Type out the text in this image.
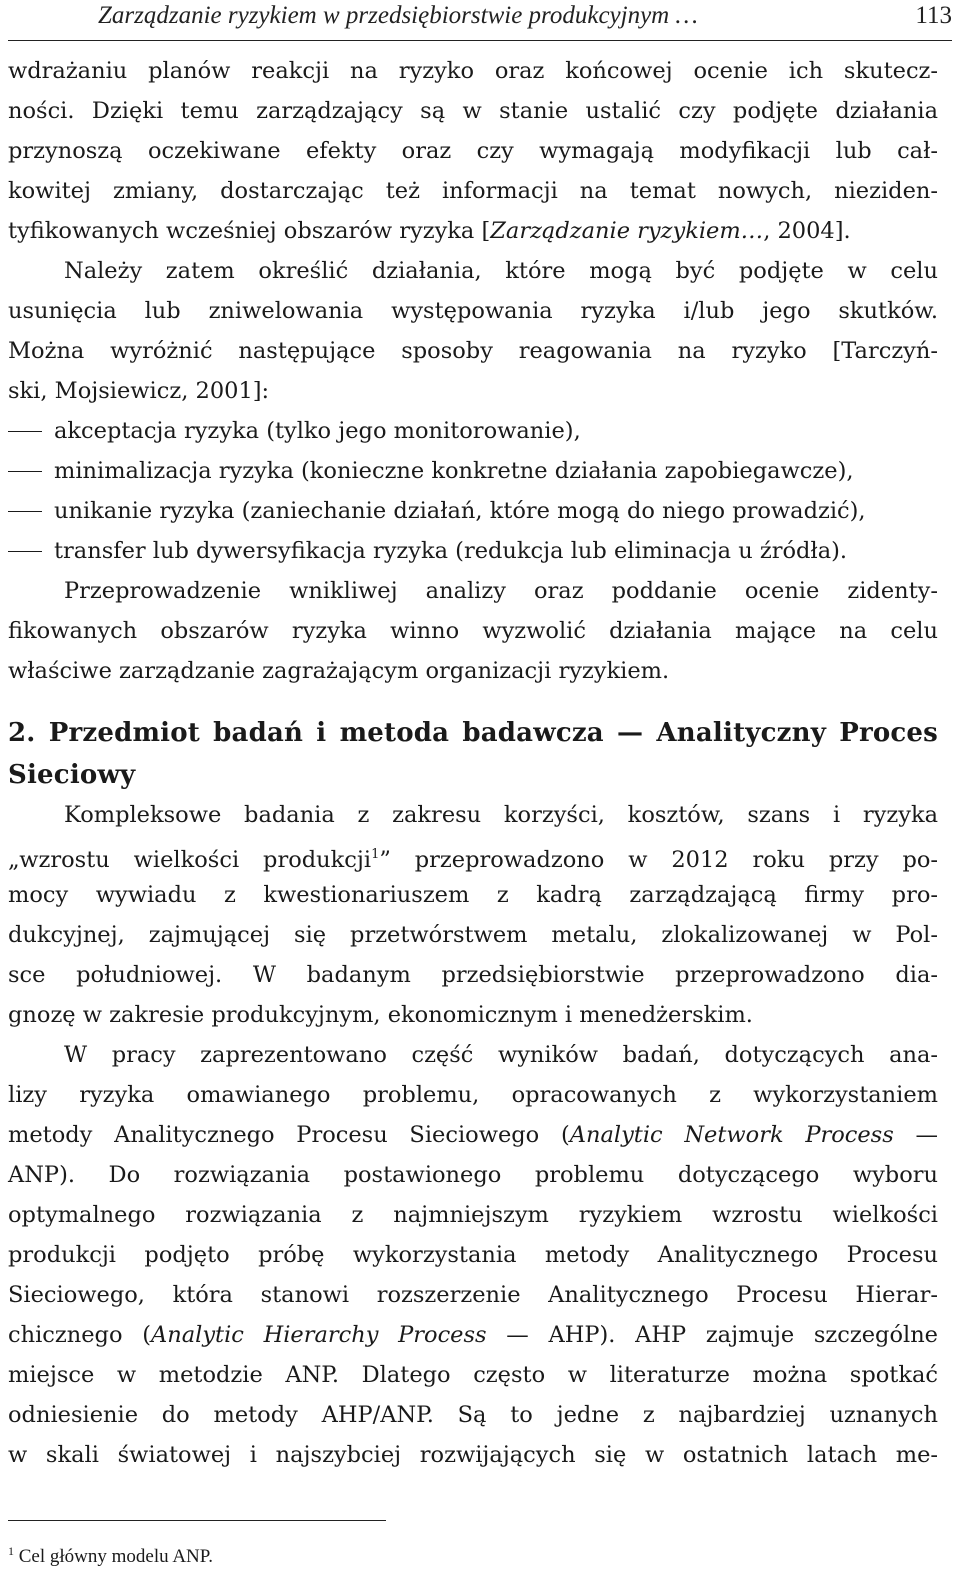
Zarządzanie ryzykiem w przedsiębiorstwie produkcyjnym …	113
wdrażaniu planów reakcji na ryzyko oraz końcowej ocenie ich skutecz-
ności. Dzięki temu zarządzający są w stanie ustalić czy podjęte działania
przynoszą oczekiwane efekty oraz czy wymagają modyfikacji lub cał-
kowitej zmiany, dostarczając też informacji na temat nowych, nieziden-
tyfikowanych wcześniej obszarów ryzyka [Zarządzanie ryzykiem…, 2004].
Należy zatem określić działania, które mogą być podjęte w celu
usunięcia lub zniwelowania występowania ryzyka i/lub jego skutków.
Można wyróżnić następujące sposoby reagowania na ryzyko [Tarczyń-
ski, Mojsiewicz, 2001]:
akceptacja ryzyka (tylko jego monitorowanie),
minimalizacja ryzyka (konieczne konkretne działania zapobiegawcze),
unikanie ryzyka (zaniechanie działań, które mogą do niego prowadzić),
transfer lub dywersyfikacja ryzyka (redukcja lub eliminacja u źródła).
Przeprowadzenie wnikliwej analizy oraz poddanie ocenie zidenty-
fikowanych obszarów ryzyka winno wyzwolić działania mające na celu
właściwe zarządzanie zagrażającym organizacji ryzykiem.
2. Przedmiot badań i metoda badawcza — Analityczny Proces
Sieciowy
Kompleksowe badania z zakresu korzyści, kosztów, szans i ryzyka
„wzrostu wielkości produkcji$^1$” przeprowadzono w 2012 roku przy po-
mocy wywiadu z kwestionariuszem z kadrą zarządzającą firmy pro-
dukcyjnej, zajmującej się przetwórstwem metalu, zlokalizowanej w Pol-
sce południowej. W badanym przedsiębiorstwie przeprowadzono dia-
gnozę w zakresie produkcyjnym, ekonomicznym i menedżerskim.
W pracy zaprezentowano część wyników badań, dotyczących ana-
lizy ryzyka omawianego problemu, opracowanych z wykorzystaniem
metody Analitycznego Procesu Sieciowego (Analytic Network Process —
ANP). Do rozwiązania postawionego problemu dotyczącego wyboru
optymalnego rozwiązania z najmniejszym ryzykiem wzrostu wielkości
produkcji podjęto próbę wykorzystania metody Analitycznego Procesu
Sieciowego, która stanowi rozszerzenie Analitycznego Procesu Hierar-
chicznego (Analytic Hierarchy Process — AHP). AHP zajmuje szczególne
miejsce w metodzie ANP. Dlatego często w literaturze można spotkać
odniesienie do metody AHP/ANP. Są to jedne z najbardziej uznanych
w skali światowej i najszybciej rozwijających się w ostatnich latach me-
$^1$ Cel główny modelu ANP.
